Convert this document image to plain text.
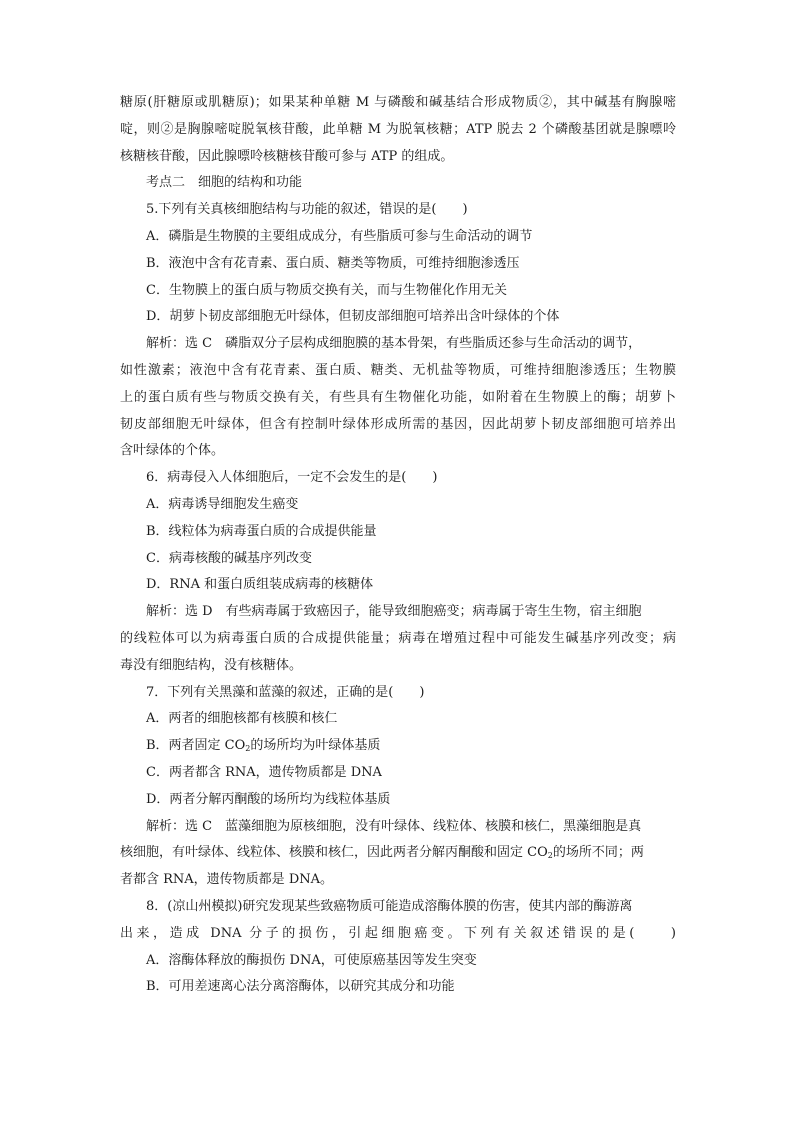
糖原(肝糖原或肌糖原)；如果某种单糖 M 与磷酸和碱基结合形成物质②，其中碱基有胸腺嘧
啶，则②是胸腺嘧啶脱氧核苷酸，此单糖 M 为脱氧核糖；ATP 脱去 2 个磷酸基团就是腺嘌呤
核糖核苷酸，因此腺嘌呤核糖核苷酸可参与 ATP 的组成。
考点二　细胞的结构和功能
5.下列有关真核细胞结构与功能的叙述，错误的是(　　)
A．磷脂是生物膜的主要组成成分，有些脂质可参与生命活动的调节
B．液泡中含有花青素、蛋白质、糖类等物质，可维持细胞渗透压
C．生物膜上的蛋白质与物质交换有关，而与生物催化作用无关
D．胡萝卜韧皮部细胞无叶绿体，但韧皮部细胞可培养出含叶绿体的个体
解析：选 C　磷脂双分子层构成细胞膜的基本骨架，有些脂质还参与生命活动的调节，
如性激素；液泡中含有花青素、蛋白质、糖类、无机盐等物质，可维持细胞渗透压；生物膜
上的蛋白质有些与物质交换有关，有些具有生物催化功能，如附着在生物膜上的酶；胡萝卜
韧皮部细胞无叶绿体，但含有控制叶绿体形成所需的基因，因此胡萝卜韧皮部细胞可培养出
含叶绿体的个体。
6．病毒侵入人体细胞后，一定不会发生的是(　　)
A．病毒诱导细胞发生癌变
B．线粒体为病毒蛋白质的合成提供能量
C．病毒核酸的碱基序列改变
D．RNA 和蛋白质组装成病毒的核糖体
解析：选 D　有些病毒属于致癌因子，能导致细胞癌变；病毒属于寄生生物，宿主细胞
的线粒体可以为病毒蛋白质的合成提供能量；病毒在增殖过程中可能发生碱基序列改变；病
毒没有细胞结构，没有核糖体。
7．下列有关黑藻和蓝藻的叙述，正确的是(　　)
A．两者的细胞核都有核膜和核仁
B．两者固定 $CO_2$的场所均为叶绿体基质
C．两者都含 RNA，遗传物质都是 DNA
D．两者分解丙酮酸的场所均为线粒体基质
解析：选 C　蓝藻细胞为原核细胞，没有叶绿体、线粒体、核膜和核仁，黑藻细胞是真
核细胞，有叶绿体、线粒体、核膜和核仁，因此两者分解丙酮酸和固定 $CO_2$的场所不同；两
者都含 RNA，遗传物质都是 DNA。
8．(凉山州模拟)研究发现某些致癌物质可能造成溶酶体膜的伤害，使其内部的酶游离
出来，造成 DNA 分子的损伤，引起细胞癌变。下列有关叙述错误的是(　　)
A．溶酶体释放的酶损伤 DNA，可使原癌基因等发生突变
B．可用差速离心法分离溶酶体，以研究其成分和功能
